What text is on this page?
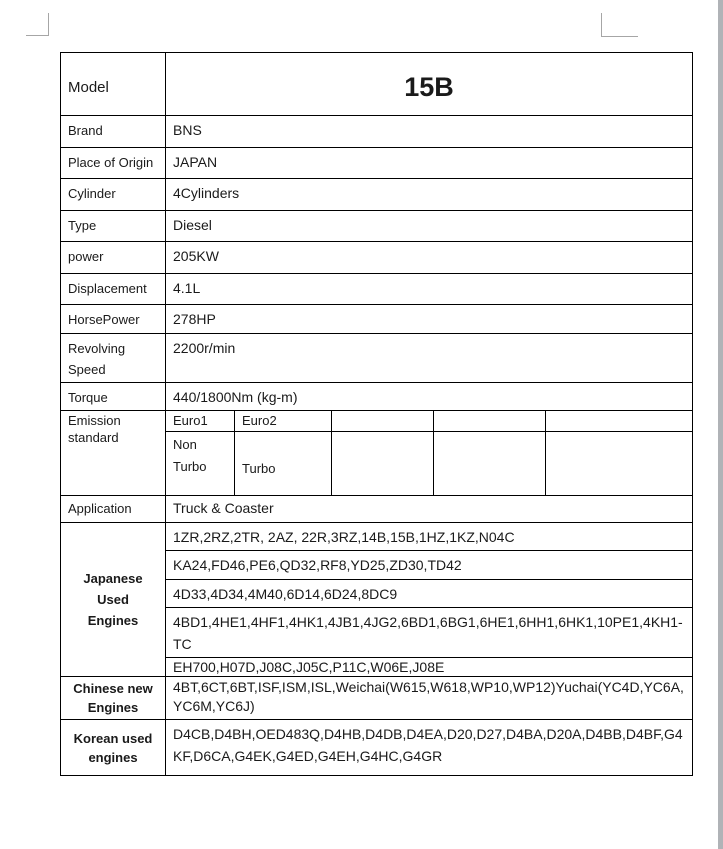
Model	15B				
Brand	BNS				
Place of Origin	JAPAN				
Cylinder	4Cylinders				
Type	Diesel				
power	205KW				
Displacement	4.1L				
HorsePower	278HP				
Revolving Speed	2200r/min				
Torque	440/1800Nm (kg-m)				
Emission standard	Euro1	Euro2			
	Non Turbo	Turbo			
Application	Truck & Coaster				

Japanese Used Engines	1ZR,2RZ,2TR, 2AZ, 22R,3RZ,14B,15B,1HZ,1KZ,N04C				
	KA24,FD46,PE6,QD32,RF8,YD25,ZD30,TD42				
	4D33,4D34,4M40,6D14,6D24,8DC9				
	4BD1,4HE1,4HF1,4HK1,4JB1,4JG2,6BD1,6BG1,6HE1,6HH1,6HK1,10PE1,4KH1-TC				
	EH700,H07D,J08C,J05C,P11C,W06E,J08E				

Chinese new Engines	4BT,6CT,6BT,ISF,ISM,ISL,Weichai(W615,W618,WP10,WP12)Yuchai(YC4D,YC6A,YC6M,YC6J)				

Korean used engines	D4CB,D4BH,OED483Q,D4HB,D4DB,D4EA,D20,D27,D4BA,D20A,D4BB,D4BF,G4KF,D6CA,G4EK,G4ED,G4EH,G4HC,G4GR				
